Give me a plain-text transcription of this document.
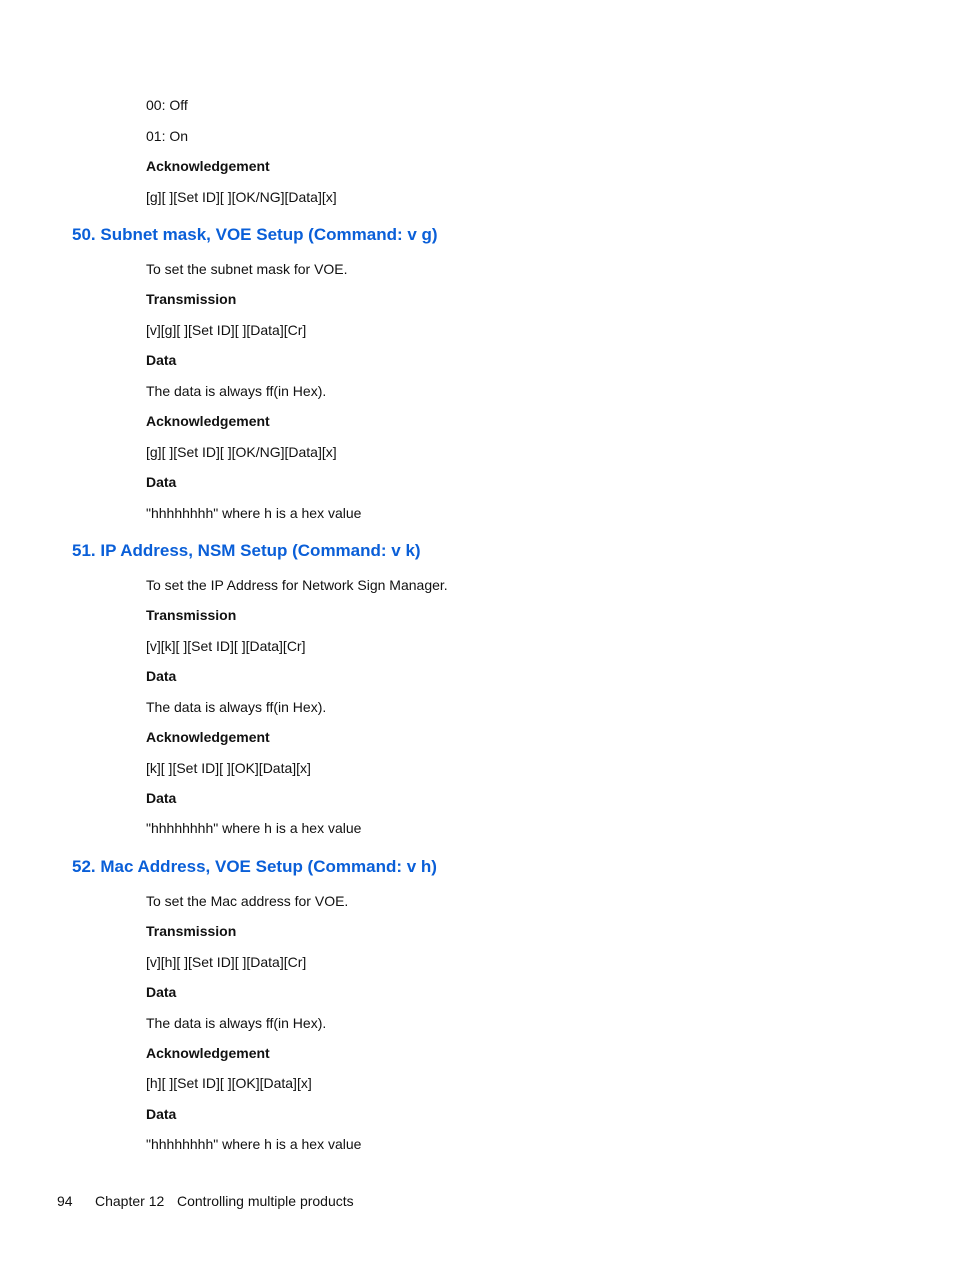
00: Off
01: On
Acknowledgement
[g][ ][Set ID][ ][OK/NG][Data][x]
50. Subnet mask, VOE Setup (Command: v g)
To set the subnet mask for VOE.
Transmission
[v][g][ ][Set ID][ ][Data][Cr]
Data
The data is always ff(in Hex).
Acknowledgement
[g][ ][Set ID][ ][OK/NG][Data][x]
Data
"hhhhhhhh" where h is a hex value
51. IP Address, NSM Setup (Command: v k)
To set the IP Address for Network Sign Manager.
Transmission
[v][k][ ][Set ID][ ][Data][Cr]
Data
The data is always ff(in Hex).
Acknowledgement
[k][ ][Set ID][ ][OK][Data][x]
Data
"hhhhhhhh" where h is a hex value
52. Mac Address, VOE Setup (Command: v h)
To set the Mac address for VOE.
Transmission
[v][h][ ][Set ID][ ][Data][Cr]
Data
The data is always ff(in Hex).
Acknowledgement
[h][ ][Set ID][ ][OK][Data][x]
Data
"hhhhhhhh" where h is a hex value
94 Chapter 12 Controlling multiple products
